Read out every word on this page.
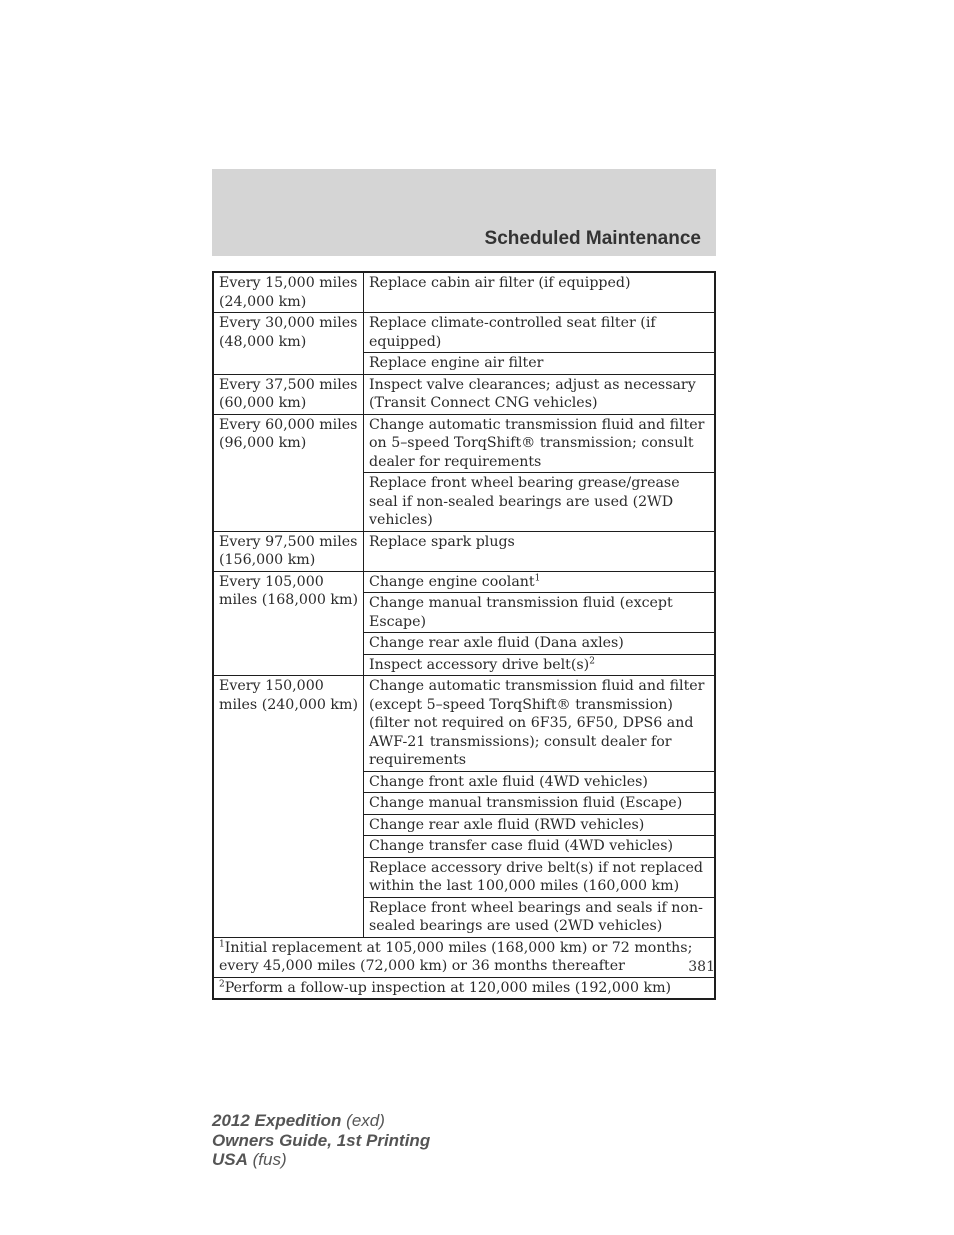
Scheduled Maintenance
Every 15,000 miles (24,000 km)	Replace cabin air filter (if equipped)
Every 30,000 miles (48,000 km)	Replace climate-controlled seat filter (if equipped)
	Replace engine air filter
Every 37,500 miles (60,000 km)	Inspect valve clearances; adjust as necessary (Transit Connect CNG vehicles)
Every 60,000 miles (96,000 km)	Change automatic transmission fluid and filter on 5–speed TorqShift® transmission; consult dealer for requirements
	Replace front wheel bearing grease/grease seal if non-sealed bearings are used (2WD vehicles)
Every 97,500 miles (156,000 km)	Replace spark plugs
Every 105,000 miles (168,000 km)	Change engine coolant$^1$
	Change manual transmission fluid (except Escape)
	Change rear axle fluid (Dana axles)
	Inspect accessory drive $belt(s)^2$
Every 150,000 miles (240,000 km)	Change automatic transmission fluid and filter (except 5–speed TorqShift® transmission) (filter not required on 6F35, 6F50, DPS6 and AWF-21 transmissions); consult dealer for requirements
	Change front axle fluid (4WD vehicles)
	Change manual transmission fluid (Escape)
	Change rear axle fluid (RWD vehicles)
	Change transfer case fluid (4WD vehicles)
	Replace accessory drive belt(s) if not replaced within the last 100,000 miles (160,000 km)
	Replace front wheel bearings and seals if non-sealed bearings are used (2WD vehicles)
$^1$Initial replacement at 105,000 miles (168,000 km) or 72 months; every 45,000 miles (72,000 km) or 36 months thereafter	
$^2$Perform a follow-up inspection at 120,000 miles (192,000 km)	
381
2012 Expedition (exd)
Owners Guide, 1st Printing
USA (fus)
